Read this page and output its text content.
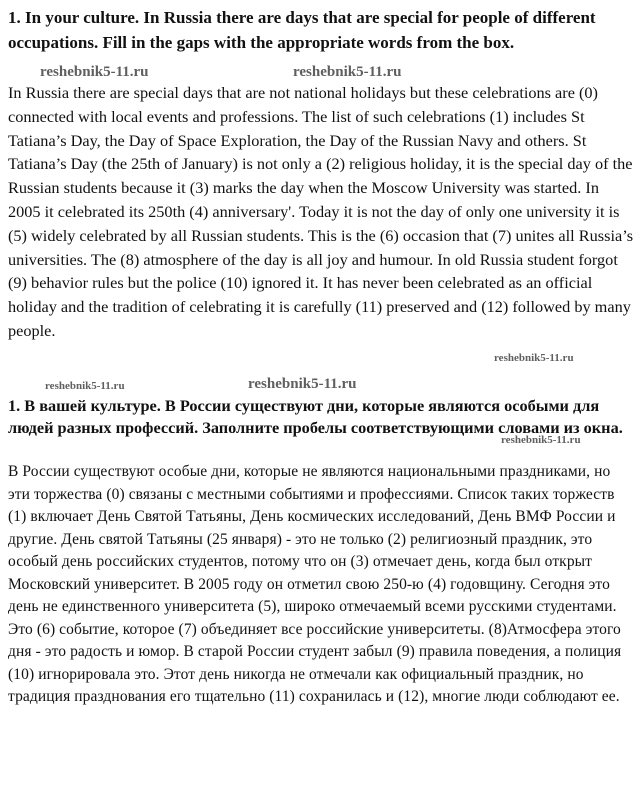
1. In your culture. In Russia there are days that are special for people of different occupations. Fill in the gaps with the appropriate words from the box.

In Russia there are special days that are not national holidays but these celebrations are (0) connected with local events and professions. The list of such celebrations (1) includes St Tatiana’s Day, the Day of Space Exploration, the Day of the Russian Navy and others. St Tatiana’s Day (the 25th of January) is not only a (2) religious holiday, it is the special day of the Russian students because it (3) marks the day when the Moscow University was started. In 2005 it celebrated its 250th (4) anniversary'. Today it is not the day of only one university it is (5) widely celebrated by all Russian students. This is the (6) occasion that (7) unites all Russia’s universities. The (8) atmosphere of the day is all joy and humour. In old Russia student forgot (9) behavior rules but the police (10) ignored it. It has never been celebrated as an official holiday and the tradition of celebrating it is carefully (11) preserved and (12) followed by many people.

1. В вашей культуре. В России существуют дни, которые являются особыми для людей разных профессий. Заполните пробелы соответствующими словами из окна.

В России существуют особые дни, которые не являются национальными праздниками, но эти торжества (0) связаны с местными событиями и профессиями. Список таких торжеств (1) включает День Святой Татьяны, День космических исследований, День ВМФ России и другие. День святой Татьяны (25 января) - это не только (2) религиозный праздник, это особый день российских студентов, потому что он (3) отмечает день, когда был открыт Московский университет. В 2005 году он отметил свою 250-ю (4) годовщину. Сегодня это день не единственного университета (5), широко отмечаемый всеми русскими студентами. Это (6) событие, которое (7) объединяет все российские университеты. (8)Атмосфера этого дня - это радость и юмор. В старой России студент забыл (9) правила поведения, а полиция (10) игнорировала это. Этот день никогда не отмечали как официальный праздник, но традиция празднования его тщательно (11) сохранилась и (12), многие люди соблюдают ее.

reshebnik5-11.ru	reshebnik5-11.ru
reshebnik5-11.ru
reshebnik5-11.ru	reshebnik5-11.ru
reshebnik5-11.ru
